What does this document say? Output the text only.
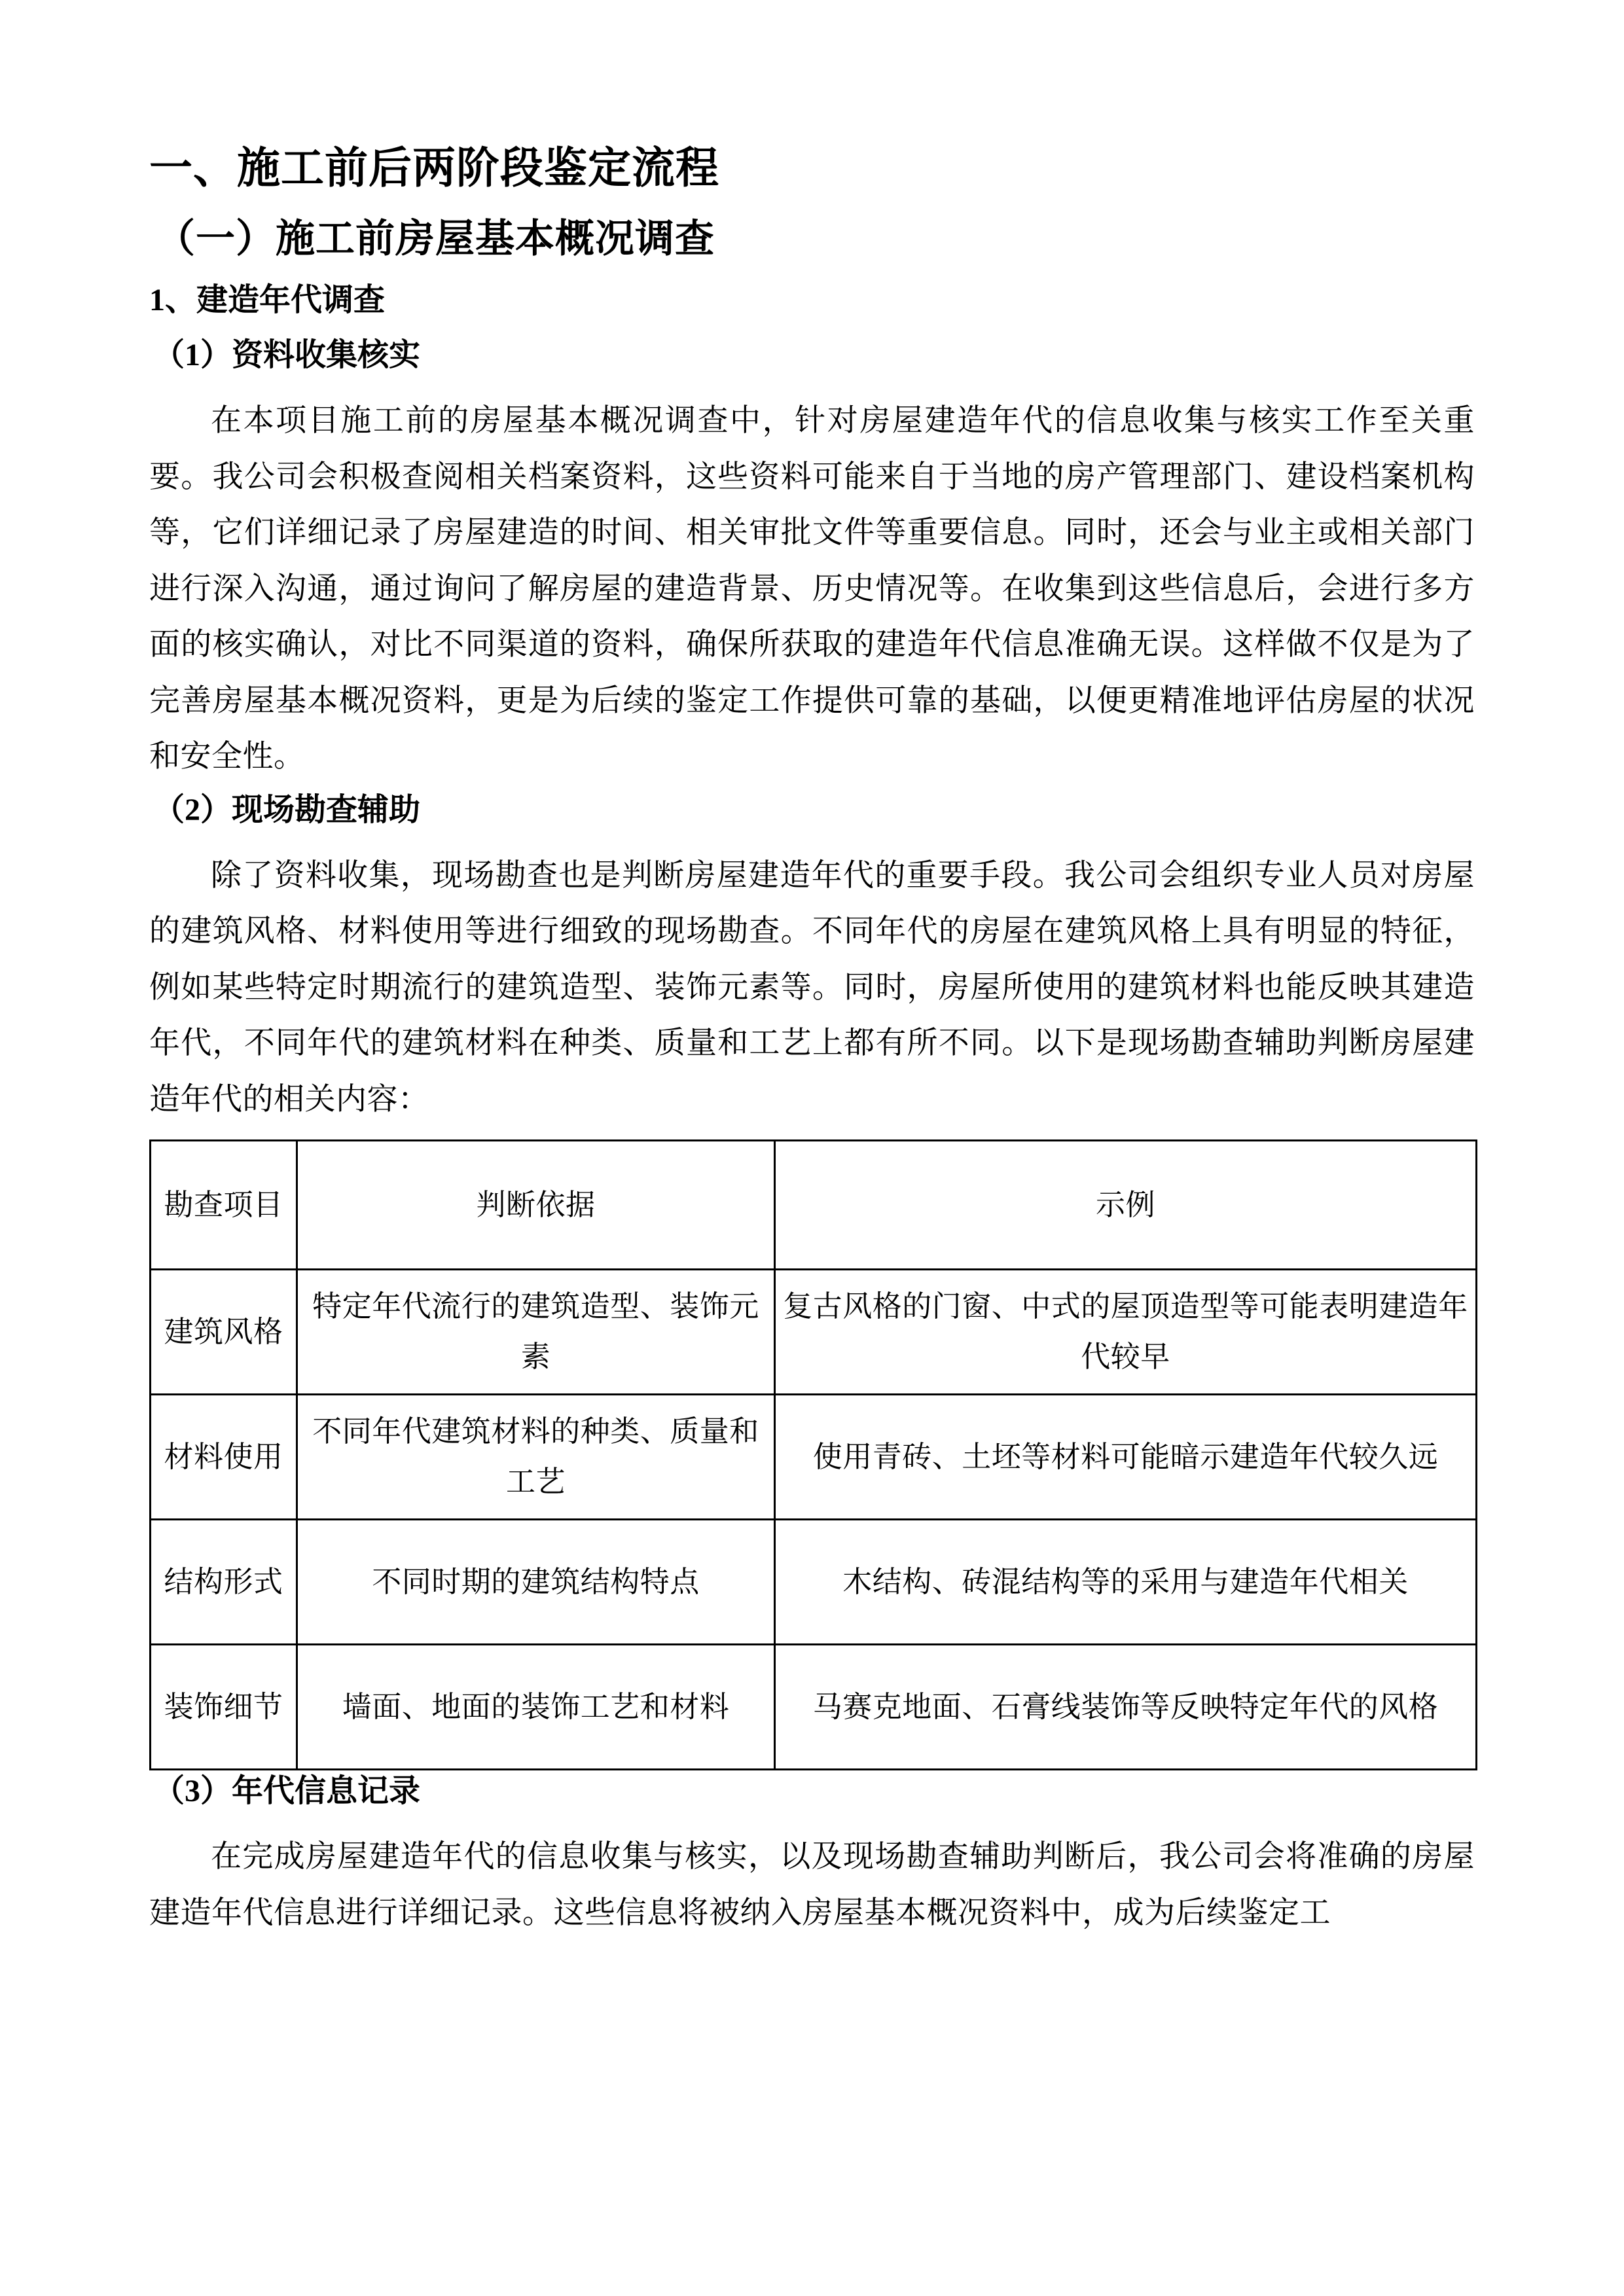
一、施工前后两阶段鉴定流程
（一）施工前房屋基本概况调查
1、建造年代调查
（1）资料收集核实

在本项目施工前的房屋基本概况调查中，针对房屋建造年代的信息收集与核实工作至关重要。我公司会积极查阅相关档案资料，这些资料可能来自于当地的房产管理部门、建设档案机构等，它们详细记录了房屋建造的时间、相关审批文件等重要信息。同时，还会与业主或相关部门进行深入沟通，通过询问了解房屋的建造背景、历史情况等。在收集到这些信息后，会进行多方面的核实确认，对比不同渠道的资料，确保所获取的建造年代信息准确无误。这样做不仅是为了完善房屋基本概况资料，更是为后续的鉴定工作提供可靠的基础，以便更精准地评估房屋的状况和安全性。

（2）现场勘查辅助

除了资料收集，现场勘查也是判断房屋建造年代的重要手段。我公司会组织专业人员对房屋的建筑风格、材料使用等进行细致的现场勘查。不同年代的房屋在建筑风格上具有明显的特征，例如某些特定时期流行的建筑造型、装饰元素等。同时，房屋所使用的建筑材料也能反映其建造年代，不同年代的建筑材料在种类、质量和工艺上都有所不同。以下是现场勘查辅助判断房屋建造年代的相关内容：

勘查项目	判断依据	示例
建筑风格	特定年代流行的建筑造型、装饰元素	复古风格的门窗、中式的屋顶造型等可能表明建造年代较早
材料使用	不同年代建筑材料的种类、质量和工艺	使用青砖、土坯等材料可能暗示建造年代较久远
结构形式	不同时期的建筑结构特点	木结构、砖混结构等的采用与建造年代相关
装饰细节	墙面、地面的装饰工艺和材料	马赛克地面、石膏线装饰等反映特定年代的风格
（3）年代信息记录

在完成房屋建造年代的信息收集与核实，以及现场勘查辅助判断后，我公司会将准确的房屋建造年代信息进行详细记录。这些信息将被纳入房屋基本概况资料中，成为后续鉴定工
